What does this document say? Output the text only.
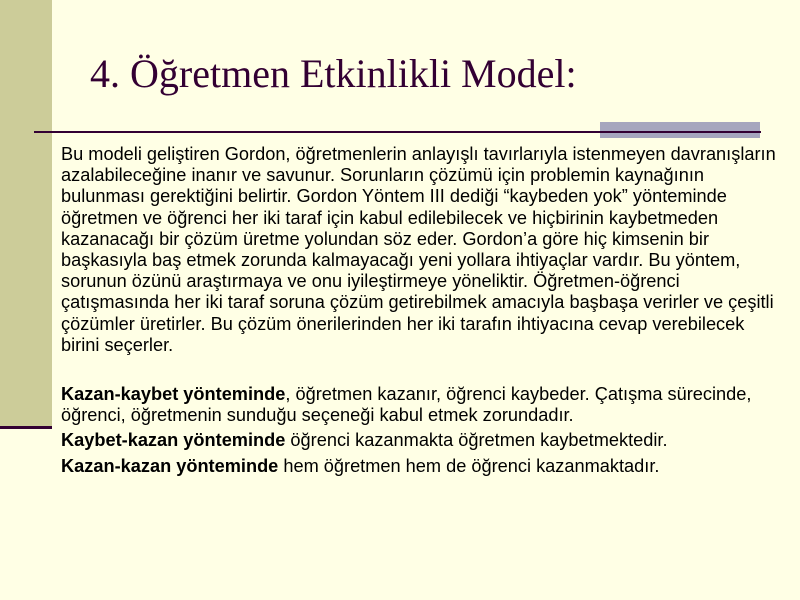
4. Öğretmen Etkinlikli Model:

Bu modeli geliştiren Gordon, öğretmenlerin anlayışlı tavırlarıyla istenmeyen davranışların azalabileceğine inanır ve savunur. Sorunların çözümü için problemin kaynağının bulunması gerektiğini belirtir. Gordon Yöntem III dediği “kaybeden yok” yönteminde öğretmen ve öğrenci her iki taraf için kabul edilebilecek ve hiçbirinin kaybetmeden kazanacağı bir çözüm üretme yolundan söz eder. Gordon’a göre hiç kimsenin bir başkasıyla baş etmek zorunda kalmayacağı yeni yollara ihtiyaçlar vardır. Bu yöntem, sorunun özünü araştırmaya ve onu iyileştirmeye yöneliktir. Öğretmen-öğrenci çatışmasında her iki taraf soruna çözüm getirebilmek amacıyla başbaşa verirler ve çeşitli çözümler üretirler. Bu çözüm önerilerinden her iki tarafın ihtiyacına cevap verebilecek birini seçerler.

Kazan-kaybet yönteminde, öğretmen kazanır, öğrenci kaybeder. Çatışma sürecinde, öğrenci, öğretmenin sunduğu seçeneği kabul etmek zorundadır.

Kaybet-kazan yönteminde öğrenci kazanmakta öğretmen kaybetmektedir.

Kazan-kazan yönteminde hem öğretmen hem de öğrenci kazanmaktadır.
